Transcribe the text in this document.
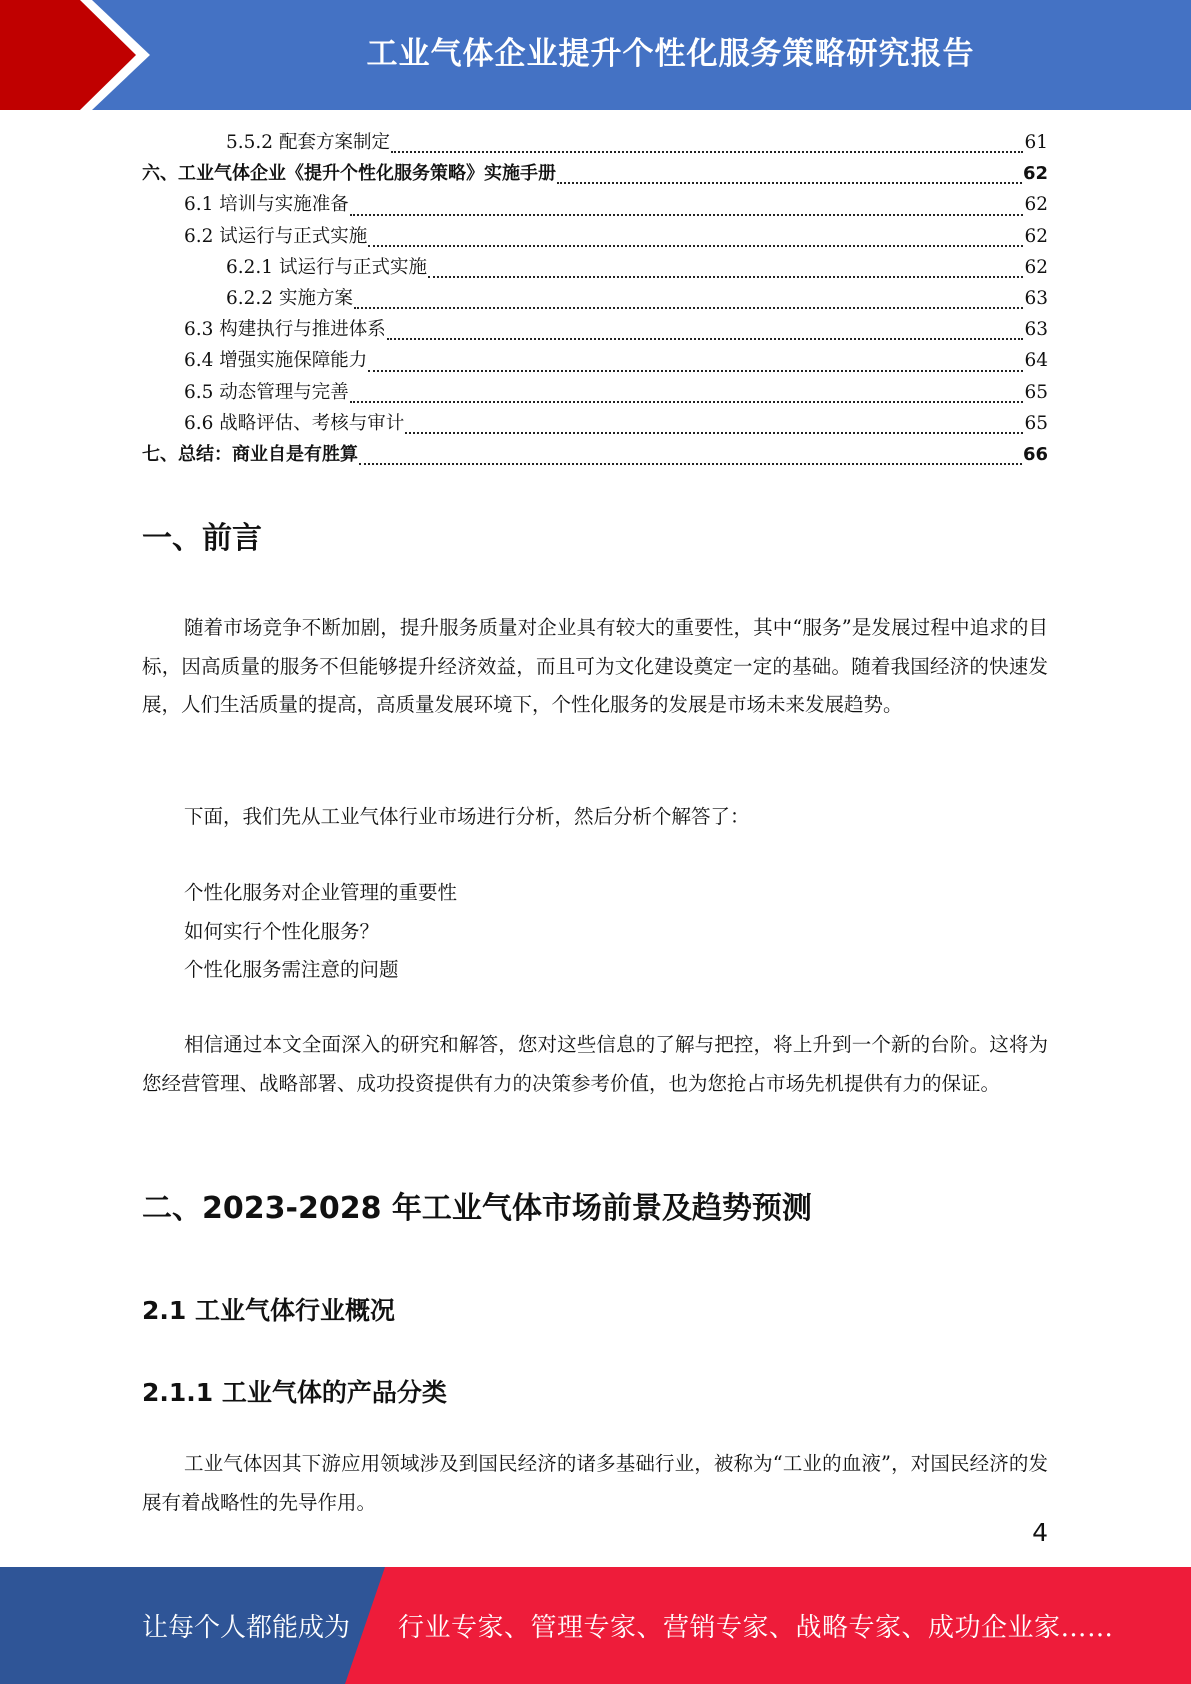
工业气体企业提升个性化服务策略研究报告
5.5.2 配套方案制定	61
六、工业气体企业《提升个性化服务策略》实施手册	62
6.1 培训与实施准备	62
6.2 试运行与正式实施	62
6.2.1 试运行与正式实施	62
6.2.2 实施方案	63
6.3 构建执行与推进体系	63
6.4 增强实施保障能力	64
6.5 动态管理与完善	65
6.6 战略评估、考核与审计	65
七、总结：商业自是有胜算	66
一、前言
随着市场竞争不断加剧，提升服务质量对企业具有较大的重要性，其中“服务”是发展过程中追求的目标，因高质量的服务不但能够提升经济效益，而且可为文化建设奠定一定的基础。随着我国经济的快速发展，人们生活质量的提高，高质量发展环境下，个性化服务的发展是市场未来发展趋势。
下面，我们先从工业气体行业市场进行分析，然后分析个解答了：
个性化服务对企业管理的重要性
如何实行个性化服务？
个性化服务需注意的问题
相信通过本文全面深入的研究和解答，您对这些信息的了解与把控，将上升到一个新的台阶。这将为您经营管理、战略部署、成功投资提供有力的决策参考价值，也为您抢占市场先机提供有力的保证。
二、2023-2028 年工业气体市场前景及趋势预测
2.1 工业气体行业概况
2.1.1 工业气体的产品分类
工业气体因其下游应用领域涉及到国民经济的诸多基础行业，被称为“工业的血液”，对国民经济的发展有着战略性的先导作用。
4
让每个人都能成为 行业专家、管理专家、营销专家、战略专家、成功企业家……
